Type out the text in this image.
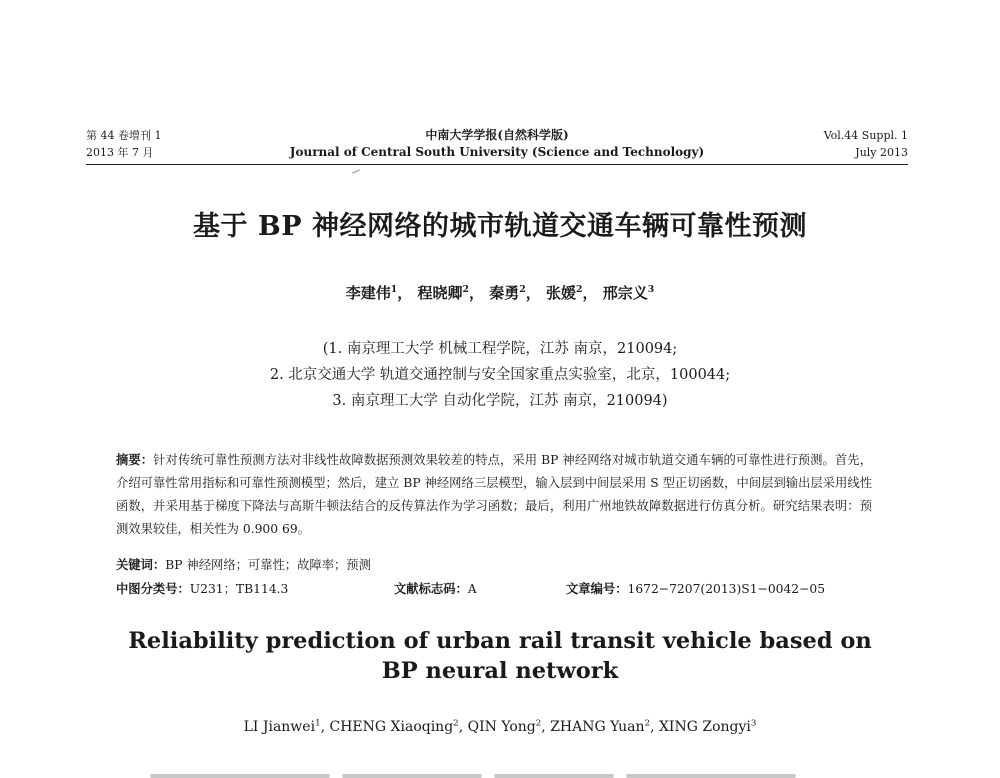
第 44 卷增刊 1
2013 年 7 月
中南大学学报(自然科学版)
Journal of Central South University (Science and Technology)
Vol.44 Suppl. 1
July 2013
基于 BP 神经网络的城市轨道交通车辆可靠性预测
李建伟$^1$， 程晓卿$^2$， 秦勇$^2$， 张媛$^2$， 邢宗义$^3$
(1. 南京理工大学 机械工程学院，江苏 南京，210094;
2. 北京交通大学 轨道交通控制与安全国家重点实验室，北京，100044;
3. 南京理工大学 自动化学院，江苏 南京，210094)
摘要：针对传统可靠性预测方法对非线性故障数据预测效果较差的特点，采用 BP 神经网络对城市轨道交通车辆的可靠性进行预测。首先，介绍可靠性常用指标和可靠性预测模型；然后，建立 BP 神经网络三层模型，输入层到中间层采用 S 型正切函数，中间层到输出层采用线性函数，并采用基于梯度下降法与高斯牛顿法结合的反传算法作为学习函数；最后，利用广州地铁故障数据进行仿真分析。研究结果表明：预测效果较佳，相关性为 0.900 69。
关键词：BP 神经网络；可靠性；故障率；预测
中图分类号：U231；TB114.3	文献标志码：A	文章编号：1672−7207(2013)S1−0042−05
Reliability prediction of urban rail transit vehicle based on
BP neural network
LI Jianwei$^1$, CHENG Xiaoqing$^2$, QIN Yong$^2$, ZHANG Yuan$^2$, XING Zongyi$^3$
